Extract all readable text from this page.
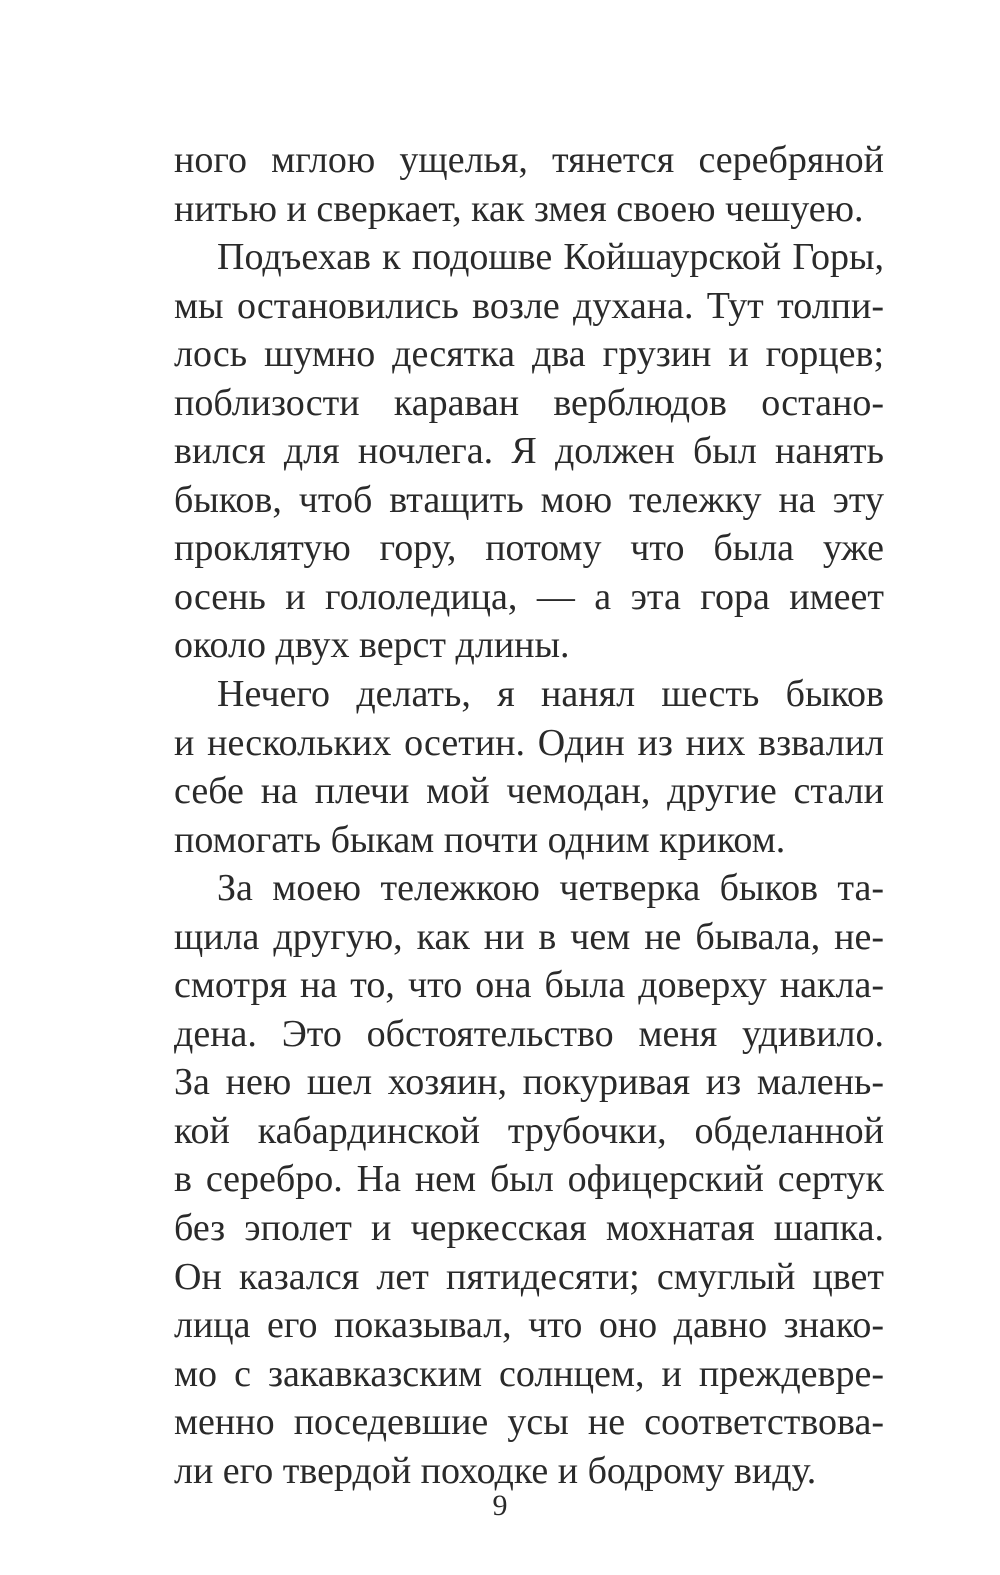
ного мглою ущелья, тянется серебряной
нитью и сверкает, как змея своею чешуею.
Подъехав к подошве Койшаурской Горы,
мы остановились возле духана. Тут толпи-
лось шумно десятка два грузин и горцев;
поблизости караван верблюдов остано-
вился для ночлега. Я должен был нанять
быков, чтоб втащить мою тележку на эту
проклятую гору, потому что была уже
осень и гололедица, — а эта гора имеет
около двух верст длины.
Нечего делать, я нанял шесть быков
и нескольких осетин. Один из них взвалил
себе на плечи мой чемодан, другие стали
помогать быкам почти одним криком.
За моею тележкою четверка быков та-
щила другую, как ни в чем не бывала, не-
смотря на то, что она была доверху накла-
дена. Это обстоятельство меня удивило.
За нею шел хозяин, покуривая из малень-
кой кабардинской трубочки, обделанной
в серебро. На нем был офицерский сертук
без эполет и черкесская мохнатая шапка.
Он казался лет пятидесяти; смуглый цвет
лица его показывал, что оно давно знако-
мо с закавказским солнцем, и преждевре-
менно поседевшие усы не соответствова-
ли его твердой походке и бодрому виду.
9
